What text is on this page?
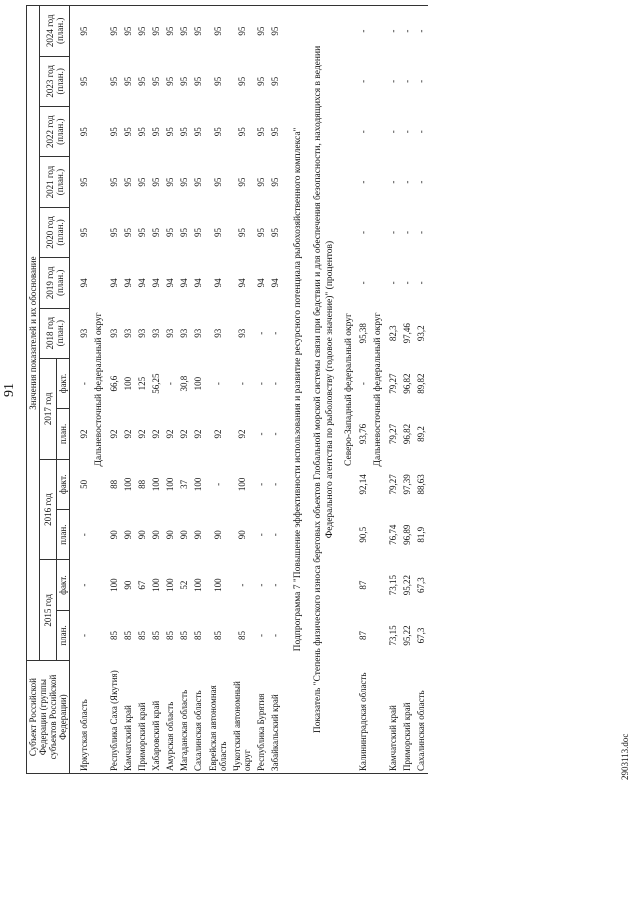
91
Субъект Российской Федерации (группы субъектов Российской Федерации)	Значения показателей и их обоснование												
	2015 год		2016 год		2017 год		2018 год (план.)	2019 год (план.)	2020 год (план.)	2021 год (план.)	2022 год (план.)	2023 год (план.)	2024 год (план.)
	план.	факт.	план.	факт.	план.	факт.							

Иркутская область	-	-	-	50	92	-	93	94	95	95	95	95	95
Дальневосточный федеральный округ													
Республика Саха (Якутия)	85	100	90	88	92	66,6	93	94	95	95	95	95	95
Камчатский край	85	90	90	100	92	100	93	94	95	95	95	95	95
Приморский край	85	67	90	88	92	125	93	94	95	95	95	95	95
Хабаровский край	85	100	90	100	92	56,25	93	94	95	95	95	95	95
Амурская область	85	100	90	100	92	-	93	94	95	95	95	95	95
Магаданская область	85	52	90	37	92	30,8	93	94	95	95	95	95	95
Сахалинская область	85	100	90	100	92	100	93	94	95	95	95	95	95
Еврейская автономная область	85	100	90	-	92	-	93	94	95	95	95	95	95
Чукотский автономный округ	85	-	90	100	92	-	93	94	95	95	95	95	95
Республика Бурятия	-	-	-	-	-	-	-	94	95	95	95	95	95
Забайкальский край	-	-	-	-	-	-	-	94	95	95	95	95	95

Подпрограмма 7 "Повышение эффективности использования и развитие ресурсного потенциала рыбохозяйственного комплекса"													
Показатель "Степень физического износа береговых объектов Глобальной морской системы связи при бедствии и для обеспечения безопасности, находящихся в ведении Федерального агентства по рыболовству (годовое значение)" (процентов)													
Северо-Западный федеральный округ													
Калининградская область	87	87	90,5	92,14	93,76	-	95,38	-	-	-	-	-	-
Дальневосточный федеральный округ													
Камчатский край	73,15	73,15	76,74	79,27	79,27	79,27	82,3	-	-	-	-	-	-
Приморский край	95,22	95,22	96,89	97,39	96,82	96,82	97,46	-	-	-	-	-	-
Сахалинская область	67,3	67,3	81,9	88,63	89,2	89,82	93,2	-	-	-	-	-	-
2903113.doc
